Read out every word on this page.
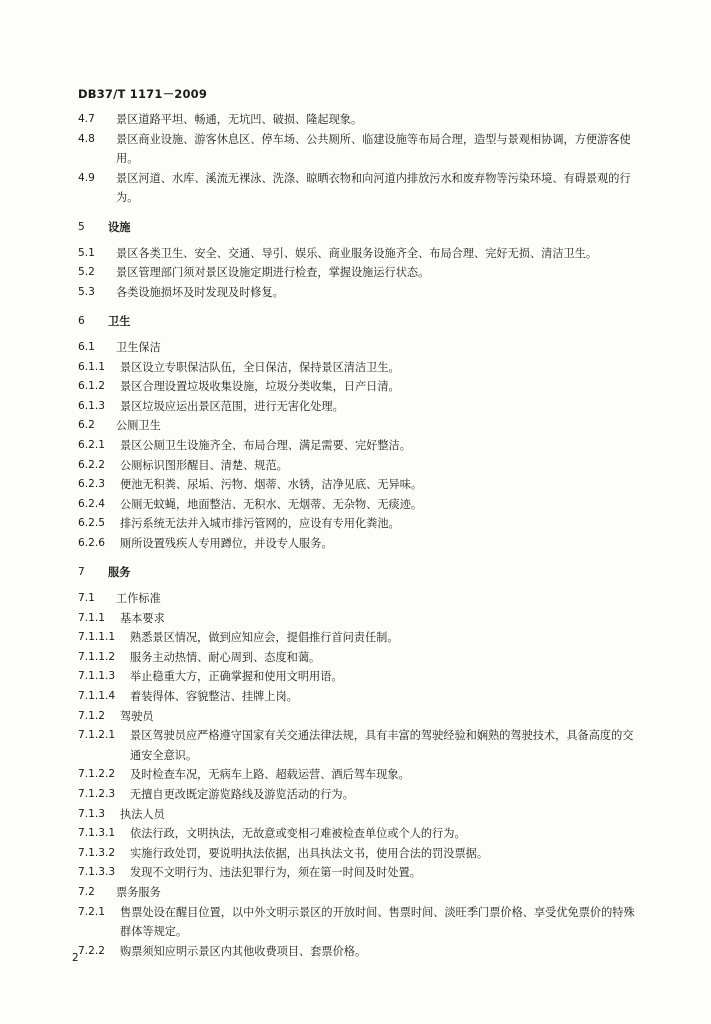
DB37/T 1171－2009
4.7	景区道路平坦、畅通，无坑凹、破损、隆起现象。
4.8	景区商业设施、游客休息区、停车场、公共厕所、临建设施等布局合理，造型与景观相协调，方便游客使用。
4.9	景区河道、水库、溪流无裸泳、洗涤、晾晒衣物和向河道内排放污水和废弃物等污染环境、有碍景观的行为。
5	设施
5.1	景区各类卫生、安全、交通、导引、娱乐、商业服务设施齐全、布局合理、完好无损、清洁卫生。
5.2	景区管理部门须对景区设施定期进行检查，掌握设施运行状态。
5.3	各类设施损坏及时发现及时修复。
6	卫生
6.1	卫生保洁
6.1.1	景区设立专职保洁队伍，全日保洁，保持景区清洁卫生。
6.1.2	景区合理设置垃圾收集设施，垃圾分类收集，日产日清。
6.1.3	景区垃圾应运出景区范围，进行无害化处理。
6.2	公厕卫生
6.2.1	景区公厕卫生设施齐全、布局合理、满足需要、完好整洁。
6.2.2	公厕标识图形醒目、清楚、规范。
6.2.3	便池无积粪、尿垢、污物、烟蒂、水锈，洁净见底、无异味。
6.2.4	公厕无蚊蝇，地面整洁、无积水、无烟蒂、无杂物、无痰迹。
6.2.5	排污系统无法并入城市排污管网的，应设有专用化粪池。
6.2.6	厕所设置残疾人专用蹲位，并设专人服务。
7	服务
7.1	工作标准
7.1.1	基本要求
7.1.1.1	熟悉景区情况，做到应知应会，提倡推行首问责任制。
7.1.1.2	服务主动热情、耐心周到、态度和蔼。
7.1.1.3	举止稳重大方，正确掌握和使用文明用语。
7.1.1.4	着装得体、容貌整洁、挂牌上岗。
7.1.2	驾驶员
7.1.2.1	景区驾驶员应严格遵守国家有关交通法律法规，具有丰富的驾驶经验和娴熟的驾驶技术，具备高度的交通安全意识。
7.1.2.2	及时检查车况，无病车上路、超载运营、酒后驾车现象。
7.1.2.3	无擅自更改既定游览路线及游览活动的行为。
7.1.3	执法人员
7.1.3.1	依法行政，文明执法，无故意或变相刁难被检查单位或个人的行为。
7.1.3.2	实施行政处罚，要说明执法依据，出具执法文书，使用合法的罚没票据。
7.1.3.3	发现不文明行为、违法犯罪行为，须在第一时间及时处置。
7.2	票务服务
7.2.1	售票处设在醒目位置，以中外文明示景区的开放时间、售票时间、淡旺季门票价格、享受优免票价的特殊群体等规定。
7.2.2	购票须知应明示景区内其他收费项目、套票价格。
2
